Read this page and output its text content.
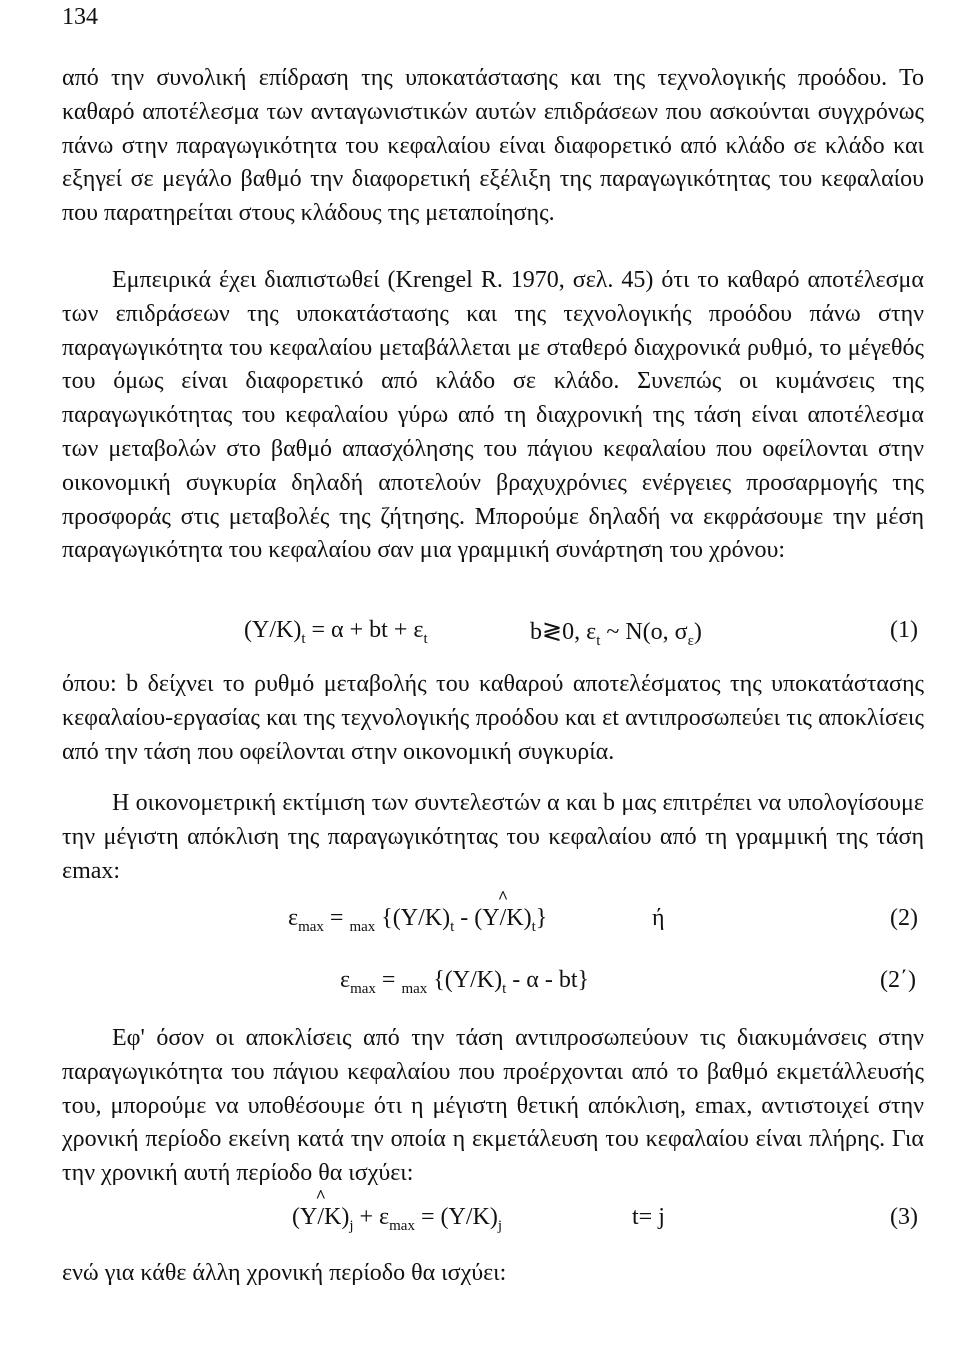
134

από την συνολική επίδραση της υποκατάστασης και της τεχνολογικής προόδου. Το καθαρό αποτέλεσμα των ανταγωνιστικών αυτών επιδράσεων που ασκούνται συγχρόνως πάνω στην παραγωγικότητα του κεφαλαίου είναι διαφορετικό από κλάδο σε κλάδο και εξηγεί σε μεγάλο βαθμό την διαφορετική εξέλιξη της παραγωγικότητας του κεφαλαίου που παρατηρείται στους κλάδους της μεταποίησης.

Εμπειρικά έχει διαπιστωθεί (Krengel R. 1970, σελ. 45) ότι το καθαρό αποτέλεσμα των επιδράσεων της υποκατάστασης και της τεχνολογικής προόδου πάνω στην παραγωγικότητα του κεφαλαίου μεταβάλλεται με σταθερό διαχρονικά ρυθμό, το μέγεθός του όμως είναι διαφορετικό από κλάδο σε κλάδο. Συνεπώς οι κυμάνσεις της παραγωγικότητας του κεφαλαίου γύρω από τη διαχρονική της τάση είναι αποτέλεσμα των μεταβολών στο βαθμό απασχόλησης του πάγιου κεφαλαίου που οφείλονται στην οικονομική συγκυρία δηλαδή αποτελούν βραχυχρόνιες ενέργειες προσαρμογής της προσφοράς στις μεταβολές της ζήτησης. Μπορούμε δηλαδή να εκφράσουμε την μέση παραγωγικότητα του κεφαλαίου σαν μια γραμμική συνάρτηση του χρόνου:

$(Y/K)_t = \alpha$ + bt + $\varepsilon_t$	b≷0, $\varepsilon_t$ ~ N(o, $\sigma_\varepsilon$)	(1)

όπου: b δείχνει το ρυθμό μεταβολής του καθαρού αποτελέσματος της υποκατάστασης κεφαλαίου-εργασίας και της τεχνολογικής προόδου και εt αντιπροσωπεύει τις αποκλίσεις από την τάση που οφείλονται στην οικονομική συγκυρία.

Η οικονομετρική εκτίμιση των συντελεστών α και b μας επιτρέπει να υπολογίσουμε την μέγιστη απόκλιση της παραγωγικότητας του κεφαλαίου από τη γραμμική της τάση εmax:

$\varepsilon_{max} = _{max}$ {$(Y/K)_t$ - (
^
$Y/K)_t$}	ή	(2)
$\varepsilon_{max} = _{max}$ {$(Y/K)_t$ - α - bt}	(2΄)

Εφ' όσον οι αποκλίσεις από την τάση αντιπροσωπεύουν τις διακυμάνσεις στην παραγωγικότητα του πάγιου κεφαλαίου που προέρχονται από το βαθμό εκμετάλλευσής του, μπορούμε να υποθέσουμε ότι η μέγιστη θετική απόκλιση, εmax, αντιστοιχεί στην χρονική περίοδο εκείνη κατά την οποία η εκμετάλευση του κεφαλαίου είναι πλήρης. Για την χρονική αυτή περίοδο θα ισχύει:

(
^
$Y/K)_j + \varepsilon_{max} = (Y/K)_j$	t= j	(3)

ενώ για κάθε άλλη χρονική περίοδο θα ισχύει:
